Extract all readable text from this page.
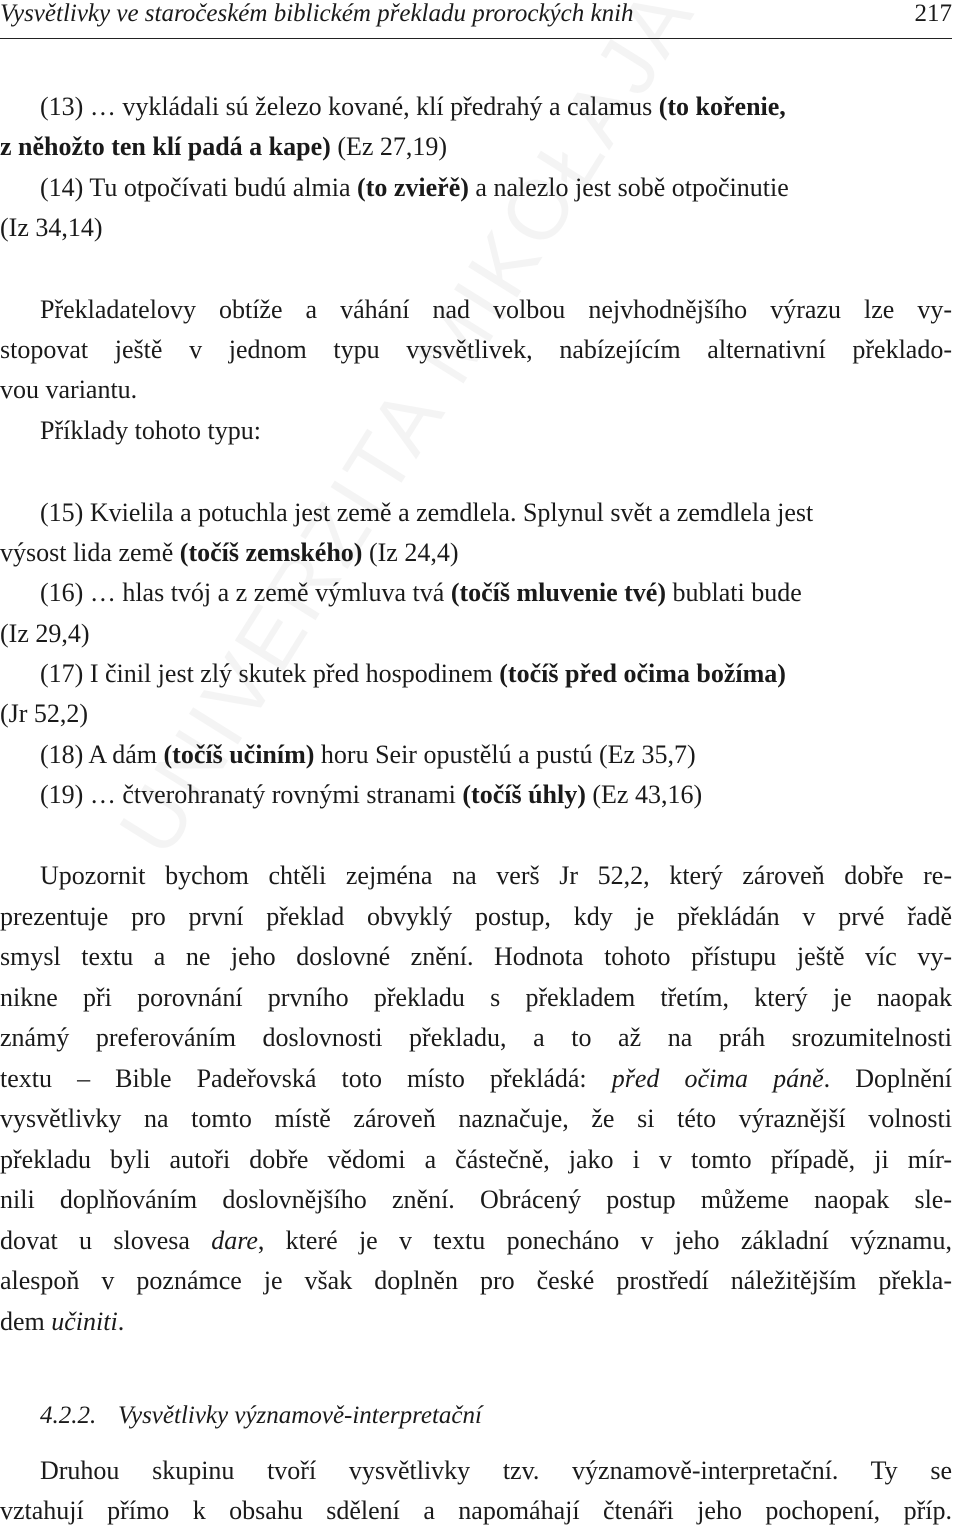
Vysvětlivky ve staročeském biblickém překladu prorockých knih	217
(13) … vykládali sú železo kované, klí předrahý a calamus (to kořenie,
z něhožto ten klí padá a kape) (Ez 27,19)
(14) Tu otpočívati budú almia (to zvieřě) a nalezlo jest sobě otpočinutie
(Iz 34,14)
Překladatelovy obtíže a váhání nad volbou nejvhodnějšího výrazu lze vy-
stopovat ještě v jednom typu vysvětlivek, nabízejícím alternativní překlado-
vou variantu.
Příklady tohoto typu:
(15) Kvielila a potuchla jest země a zemdlela. Splynul svět a zemdlela jest
výsost lida země (točíš zemského) (Iz 24,4)
(16) … hlas tvój a z země výmluva tvá (točíš mluvenie tvé) bublati bude
(Iz 29,4)
(17) I činil jest zlý skutek před hospodinem (točíš před očima božíma)
(Jr 52,2)
(18) A dám (točíš učiním) horu Seir opustělú a pustú (Ez 35,7)
(19) … čtverohranatý rovnými stranami (točíš úhly) (Ez 43,16)
Upozornit bychom chtěli zejména na verš Jr 52,2, který zároveň dobře re-
prezentuje pro první překlad obvyklý postup, kdy je překládán v prvé řadě
smysl textu a ne jeho doslovné znění. Hodnota tohoto přístupu ještě víc vy-
nikne při porovnání prvního překladu s překladem třetím, který je naopak
známý preferováním doslovnosti překladu, a to až na práh srozumitelnosti
textu – Bible Padeřovská toto místo překládá: před očima páně. Doplnění
vysvětlivky na tomto místě zároveň naznačuje, že si této výraznější volnosti
překladu byli autoři dobře vědomi a částečně, jako i v tomto případě, ji mír-
nili doplňováním doslovnějšího znění. Obrácený postup můžeme naopak sle-
dovat u slovesa dare, které je v textu ponecháno v jeho základní významu,
alespoň v poznámce je však doplněn pro české prostředí náležitějším překla-
dem učiniti.
4.2.2. Vysvětlivky významově-interpretační
Druhou skupinu tvoří vysvětlivky tzv. významově-interpretační. Ty se
vztahují přímo k obsahu sdělení a napomáhají čtenáři jeho pochopení, příp.
